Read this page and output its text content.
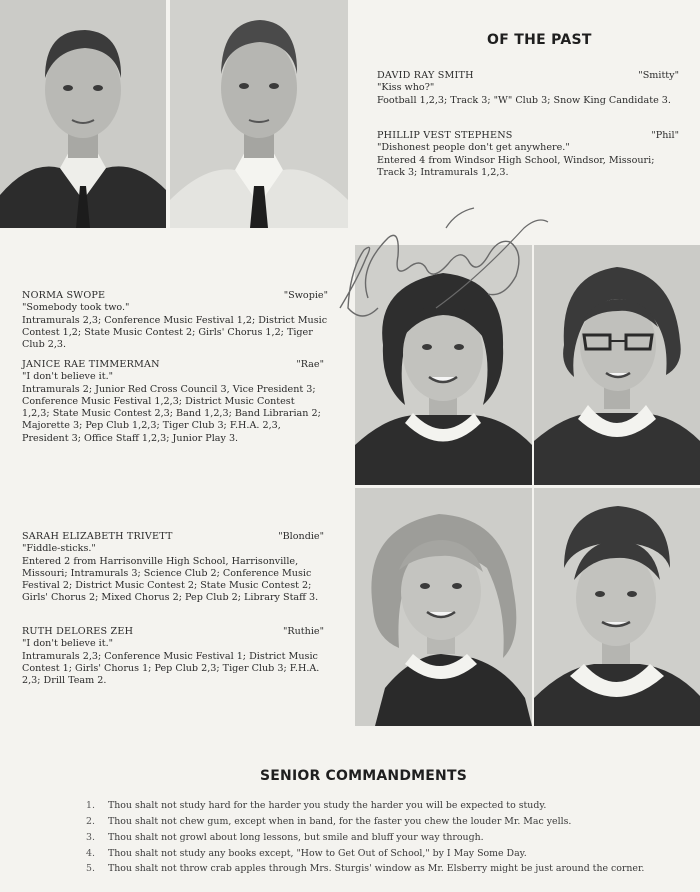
OF THE PAST
DAVID RAY SMITH	"Smitty"
"Kiss who?"
Football 1,2,3; Track 3; "W" Club 3; Snow King Candidate 3.
PHILLIP VEST STEPHENS	"Phil"
"Dishonest people don't get anywhere."
Entered 4 from Windsor High School, Windsor, Missouri; Track 3; Intramurals 1,2,3.
NORMA SWOPE	"Swopie"
"Somebody took two."
Intramurals 2,3; Conference Music Festival 1,2; District Music Contest 1,2; State Music Contest 2; Girls' Chorus 1,2; Tiger Club 2,3.
JANICE RAE TIMMERMAN	"Rae"
"I don't believe it."
Intramurals 2; Junior Red Cross Council 3, Vice President 3; Conference Music Festival 1,2,3; District Music Contest 1,2,3; State Music Contest 2,3; Band 1,2,3; Band Librarian 2; Majorette 3; Pep Club 1,2,3; Tiger Club 3; F.H.A. 2,3, President 3; Office Staff 1,2,3; Junior Play 3.
SARAH ELIZABETH TRIVETT	"Blondie"
"Fiddle-sticks."
Entered 2 from Harrisonville High School, Harrisonville, Missouri; Intramurals 3; Science Club 2; Conference Music Festival 2; District Music Contest 2; State Music Contest 2; Girls' Chorus 2; Mixed Chorus 2; Pep Club 2; Library Staff 3.
RUTH DELORES ZEH	"Ruthie"
"I don't believe it."
Intramurals 2,3; Conference Music Festival 1; District Music Contest 1; Girls' Chorus 1; Pep Club 2,3; Tiger Club 3; F.H.A. 2,3; Drill Team 2.
SENIOR COMMANDMENTS
1. Thou shalt not study hard for the harder you study the harder you will be expected to study.
2. Thou shalt not chew gum, except when in band, for the faster you chew the louder Mr. Mac yells.
3. Thou shalt not growl about long lessons, but smile and bluff your way through.
4. Thou shalt not study any books except, "How to Get Out of School," by I May Some Day.
5. Thou shalt not throw crab apples through Mrs. Sturgis' window as Mr. Elsberry might be just around the corner.
